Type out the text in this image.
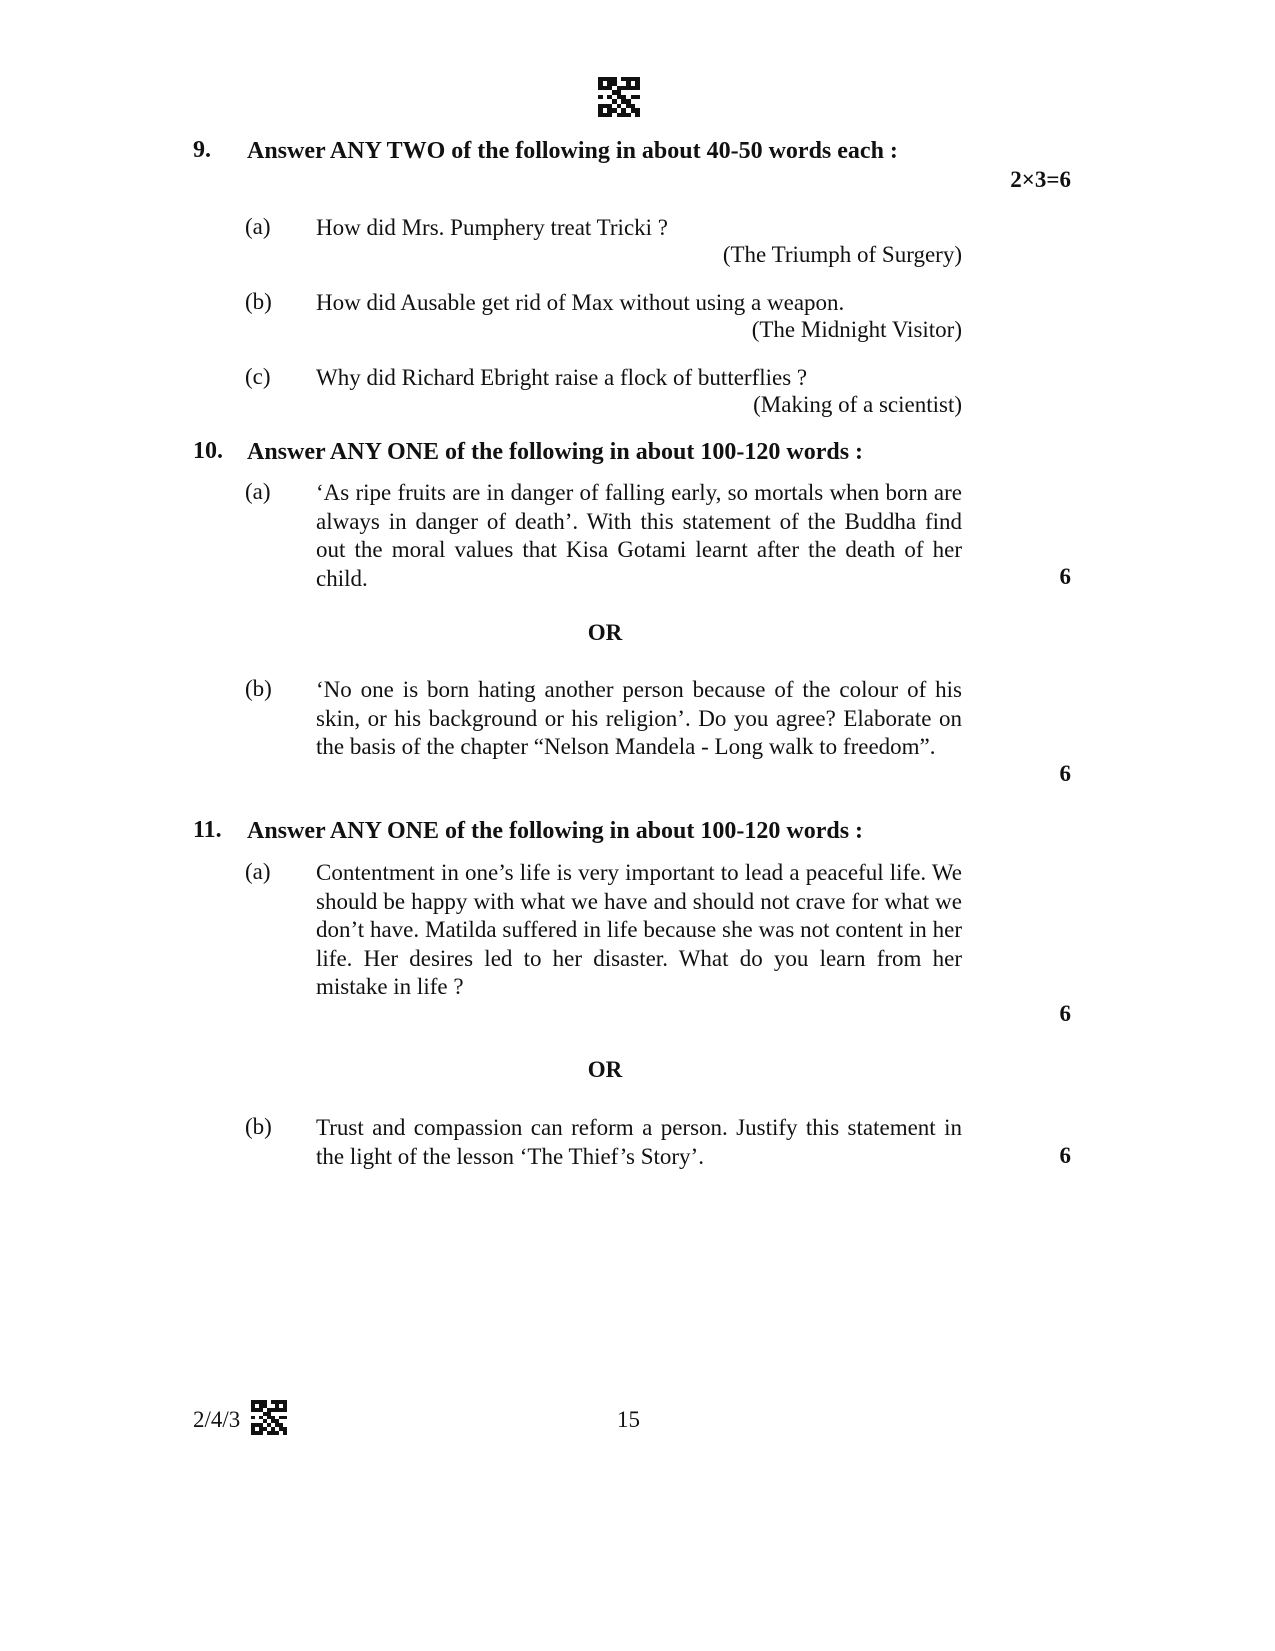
9. Answer ANY TWO of the following in about 40-50 words each :
2×3=6
(a) How did Mrs. Pumphery treat Tricki ?
(The Triumph of Surgery)
(b) How did Ausable get rid of Max without using a weapon.
(The Midnight Visitor)
(c) Why did Richard Ebright raise a flock of butterflies ?
(Making of a scientist)
10. Answer ANY ONE of the following in about 100-120 words :
(a) ‘As ripe fruits are in danger of falling early, so mortals when born are always in danger of death’. With this statement of the Buddha find out the moral values that Kisa Gotami learnt after the death of her child.	6
OR
(b) ‘No one is born hating another person because of the colour of his skin, or his background or his religion’. Do you agree? Elaborate on the basis of the chapter “Nelson Mandela - Long walk to freedom”.
6
11. Answer ANY ONE of the following in about 100-120 words :
(a) Contentment in one’s life is very important to lead a peaceful life. We should be happy with what we have and should not crave for what we don’t have. Matilda suffered in life because she was not content in her life. Her desires led to her disaster. What do you learn from her mistake in life ?
6
OR
(b) Trust and compassion can reform a person. Justify this statement in the light of the lesson ‘The Thief’s Story’.	6
2/4/3	15
